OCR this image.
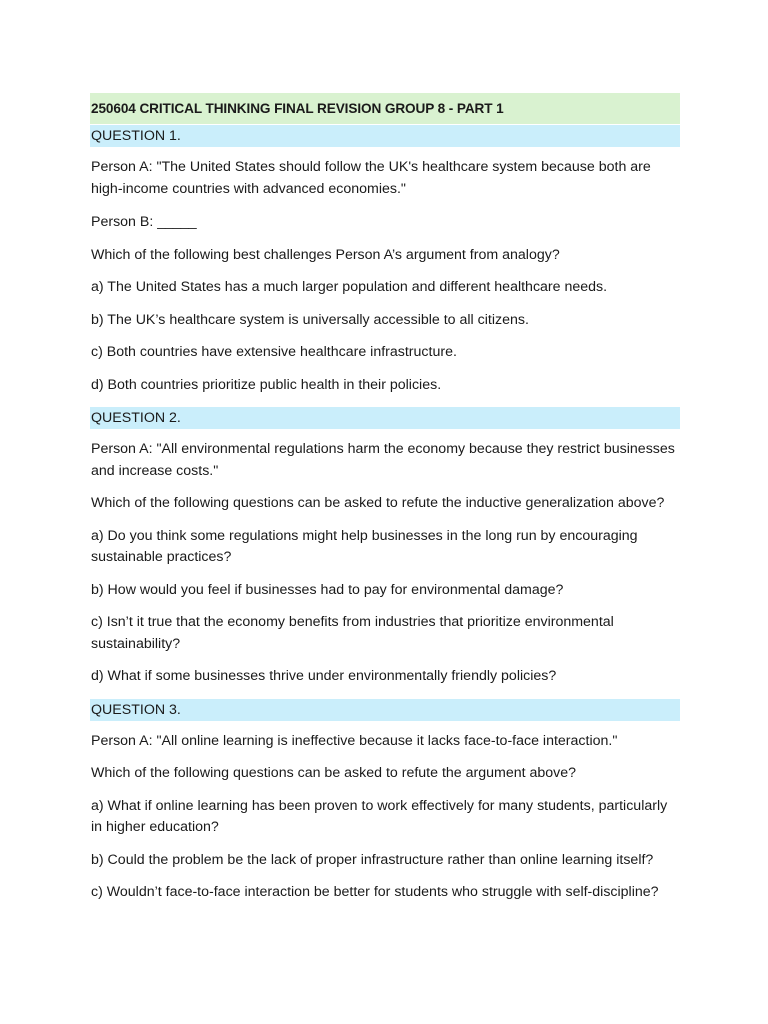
250604 CRITICAL THINKING FINAL REVISION GROUP 8 - PART 1
QUESTION 1.

Person A: "The United States should follow the UK's healthcare system because both are high-income countries with advanced economies."

Person B: _____

Which of the following best challenges Person A’s argument from analogy?

a) The United States has a much larger population and different healthcare needs.

b) The UK’s healthcare system is universally accessible to all citizens.

c) Both countries have extensive healthcare infrastructure.

d) Both countries prioritize public health in their policies.

QUESTION 2.

Person A: "All environmental regulations harm the economy because they restrict businesses and increase costs."

Which of the following questions can be asked to refute the inductive generalization above?

a) Do you think some regulations might help businesses in the long run by encouraging sustainable practices?

b) How would you feel if businesses had to pay for environmental damage?

c) Isn’t it true that the economy benefits from industries that prioritize environmental sustainability?

d) What if some businesses thrive under environmentally friendly policies?

QUESTION 3.

Person A: "All online learning is ineffective because it lacks face-to-face interaction."

Which of the following questions can be asked to refute the argument above?

a) What if online learning has been proven to work effectively for many students, particularly in higher education?

b) Could the problem be the lack of proper infrastructure rather than online learning itself?

c) Wouldn’t face-to-face interaction be better for students who struggle with self-discipline?
